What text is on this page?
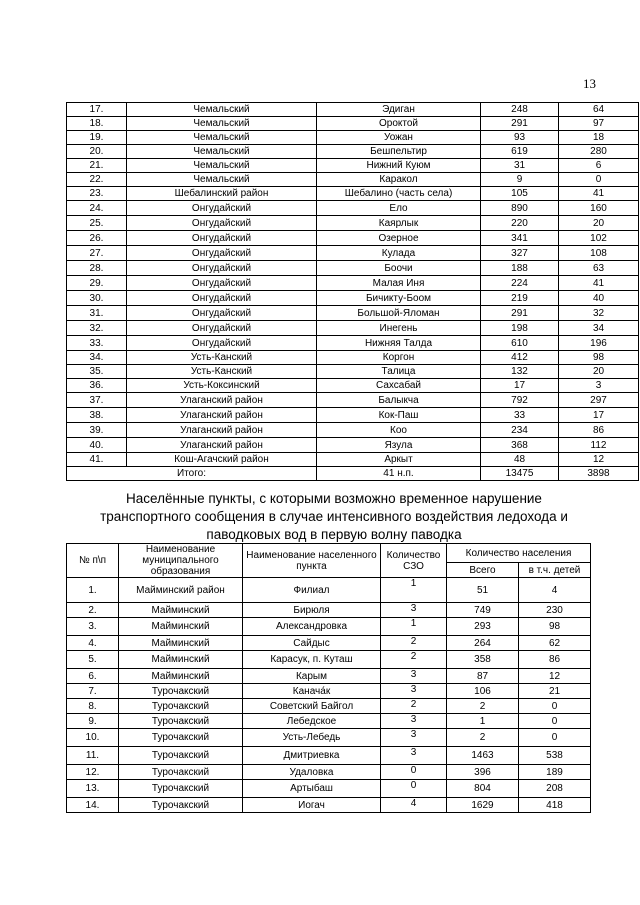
13
17.	Чемальский	Эдиган	248	64
18.	Чемальский	Ороктой	291	97
19.	Чемальский	Уожан	93	18
20.	Чемальский	Бешпельтир	619	280
21.	Чемальский	Нижний Куюм	31	6
22.	Чемальский	Каракол	9	0
23.	Шебалинский район	Шебалино (часть села)	105	41
24.	Онгудайский	Ело	890	160
25.	Онгудайский	Каярлык	220	20
26.	Онгудайский	Озерное	341	102
27.	Онгудайский	Кулада	327	108
28.	Онгудайский	Боочи	188	63
29.	Онгудайский	Малая Иня	224	41
30.	Онгудайский	Бичикту-Боом	219	40
31.	Онгудайский	Большой-Яломан	291	32
32.	Онгудайский	Инегень	198	34
33.	Онгудайский	Нижняя Талда	610	196
34.	Усть-Канский	Коргон	412	98
35.	Усть-Канский	Талица	132	20
36.	Усть-Коксинский	Сахсабай	17	3
37.	Улаганский район	Балыкча	792	297
38.	Улаганский район	Кок-Паш	33	17
39.	Улаганский район	Коо	234	86
40.	Улаганский район	Язула	368	112
41.	Кош-Агачский район	Аркыт	48	12
Итого:		41 н.п.	13475	3898
Населённые пункты, с которыми возможно временное нарушение транспортного сообщения в случае интенсивного воздействия ледохода и паводковых вод в первую волну паводка
№ п\п	Наименование муниципального образования	Наименование населенного пункта	Количество СЗО	Количество населения	
				Всего	в т.ч. детей
1.	Майминский район	Филиал	1	51	4
2.	Майминский	Бирюля	3	749	230
3.	Майминский	Александровка	1	293	98
4.	Майминский	Сайдыс	2	264	62
5.	Майминский	Карасук, п. Куташ	2	358	86
6.	Майминский	Карым	3	87	12
7.	Турочакский	Канача́к	3	106	21
8.	Турочакский	Советский Байгол	2	2	0
9.	Турочакский	Лебедское	3	1	0
10.	Турочакский	Усть-Лебедь	3	2	0
11.	Турочакский	Дмитриевка	3	1463	538
12.	Турочакский	Удаловка	0	396	189
13.	Турочакский	Артыбаш	0	804	208
14.	Турочакский	Иогач	4	1629	418
